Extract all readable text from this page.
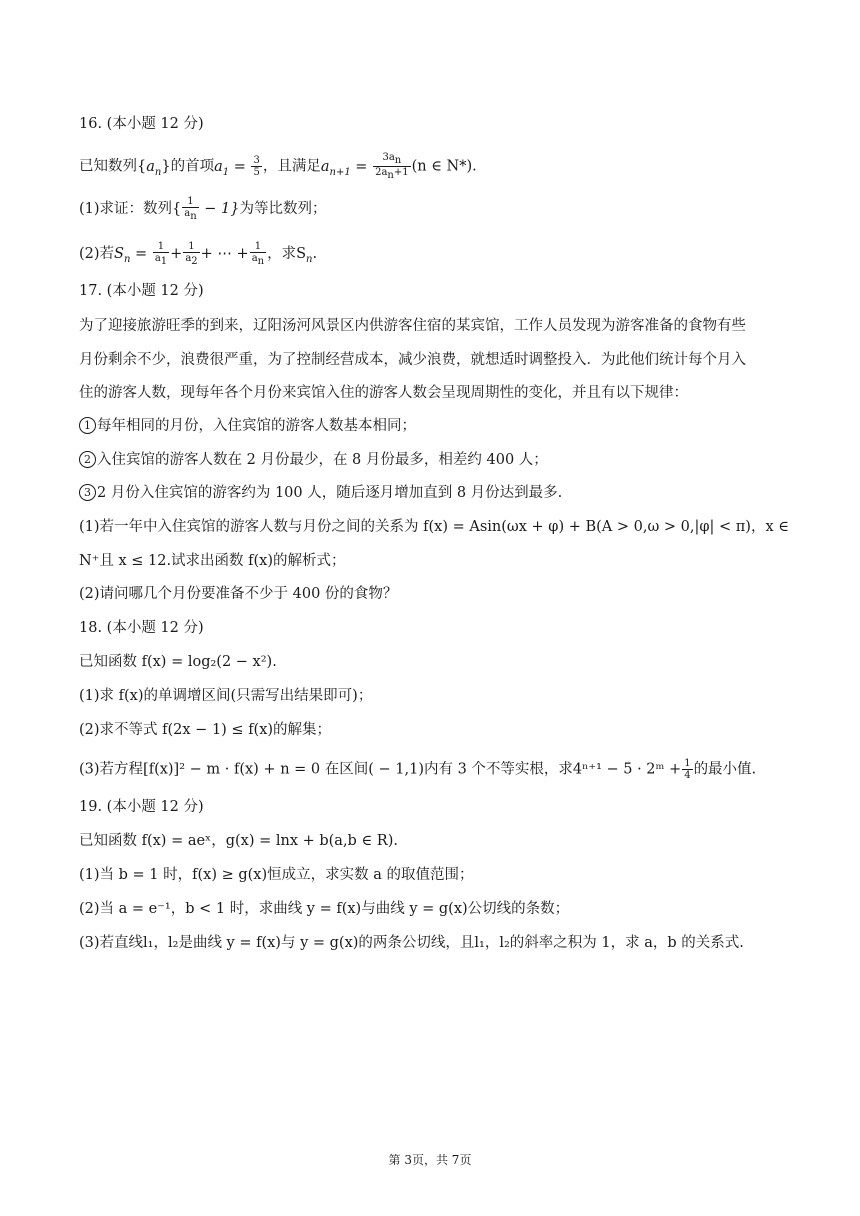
16. (本小题 12 分)
已知数列$\{a_n\}$的首项$a_1 = \frac{3}{5}$ ，且满足$a_{n+1} = \frac{3a_n}{2a_n+1} (n$ ∈ N*).
(1)求证：数列{ $\frac{1}{a_n} - 1$}为等比数列；
(2)若$S_n = \frac{1}{a_1} + \frac{1}{a_2}$ + ⋯ + $\frac{1}{a_n}$ ，求$S_n$.
17. (本小题 12 分)
为了迎接旅游旺季的到来，辽阳汤河风景区内供游客住宿的某宾馆，工作人员发现为游客准备的食物有些
月份剩余不少，浪费很严重，为了控制经营成本，减少浪费，就想适时调整投入．为此他们统计每个月入
住的游客人数，现每年各个月份来宾馆入住的游客人数会呈现周期性的变化，并且有以下规律：
1 每年相同的月份，入住宾馆的游客人数基本相同；
2 入住宾馆的游客人数在 2 月份最少，在 8 月份最多，相差约 400 人；
3 2 月份入住宾馆的游客约为 100 人，随后逐月增加直到 8 月份达到最多.
(1)若一年中入住宾馆的游客人数与月份之间的关系为 f(x) = Asin(ωx + φ) + B(A > 0,ω > 0,|φ| < π)，x ∈
N⁺且 x ≤ 12.试求出函数 f(x)的解析式；
(2)请问哪几个月份要准备不少于 400 份的食物？
18. (本小题 12 分)
已知函数 f(x) = log₂(2 − x²).
(1)求 f(x)的单调增区间(只需写出结果即可)；
(2)求不等式 f(2x − 1) ≤ f(x)的解集；
(3)若方程[f(x)]² − m · f(x) + n = 0 在区间( − 1,1)内有 3 个不等实根，求4ⁿ⁺¹ − 5 · 2ᵐ + $\frac{1}{4}$ 的最小值.
19. (本小题 12 分)
已知函数 f(x) = aeˣ，g(x) = lnx + b(a,b ∈ R).
(1)当 b = 1 时，f(x) ≥ g(x)恒成立，求实数 a 的取值范围；
(2)当 a = e⁻¹，b < 1 时，求曲线 y = f(x)与曲线 y = g(x)公切线的条数；
(3)若直线l₁，l₂是曲线 y = f(x)与 y = g(x)的两条公切线，且l₁，l₂的斜率之积为 1，求 a，b 的关系式.
第 3页，共 7页
